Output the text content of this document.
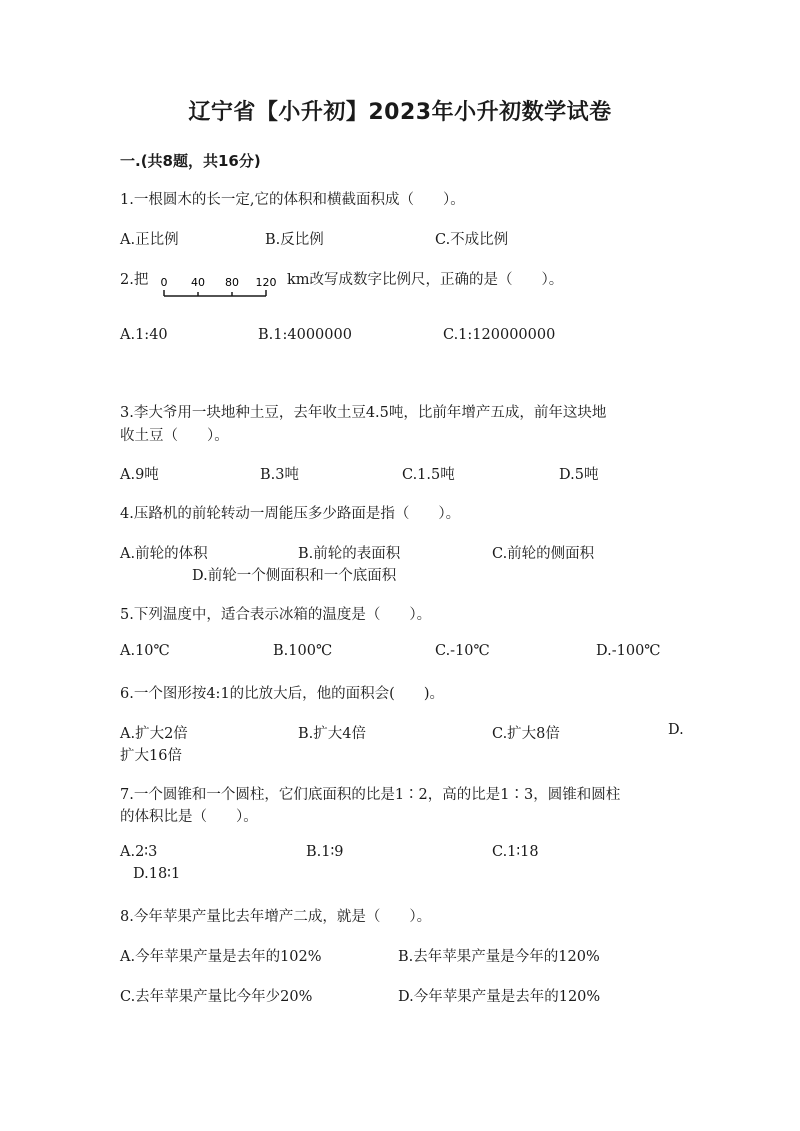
辽宁省【小升初】2023年小升初数学试卷
一.(共8题，共16分)
1.一根圆木的长一定,它的体积和横截面积成（　　）。
A.正比例	B.反比例	C.不成比例
2.把 0 40 80 120 km改写成数字比例尺，正确的是（　　）。
A.1:40	B.1:4000000	C.1:120000000
3.李大爷用一块地种土豆，去年收土豆4.5吨，比前年增产五成，前年这块地
收土豆（　　）。
A.9吨	B.3吨	C.1.5吨	D.5吨
4.压路机的前轮转动一周能压多少路面是指（　　）。
A.前轮的体积	B.前轮的表面积	C.前轮的侧面积
D.前轮一个侧面积和一个底面积
5.下列温度中，适合表示冰箱的温度是（　　）。
A.10℃	B.100℃	C.-10℃	D.-100℃
6.一个图形按4:1的比放大后，他的面积会(　　)。
A.扩大2倍	B.扩大4倍	C.扩大8倍	D.
扩大16倍
7.一个圆锥和一个圆柱，它们底面积的比是1∶2，高的比是1∶3，圆锥和圆柱
的体积比是（　　）。
A.2∶3	B.1∶9	C.1∶18
D.18∶1
8.今年苹果产量比去年增产二成，就是（　　）。
A.今年苹果产量是去年的102%	B.去年苹果产量是今年的120%
C.去年苹果产量比今年少20%	D.今年苹果产量是去年的120%
